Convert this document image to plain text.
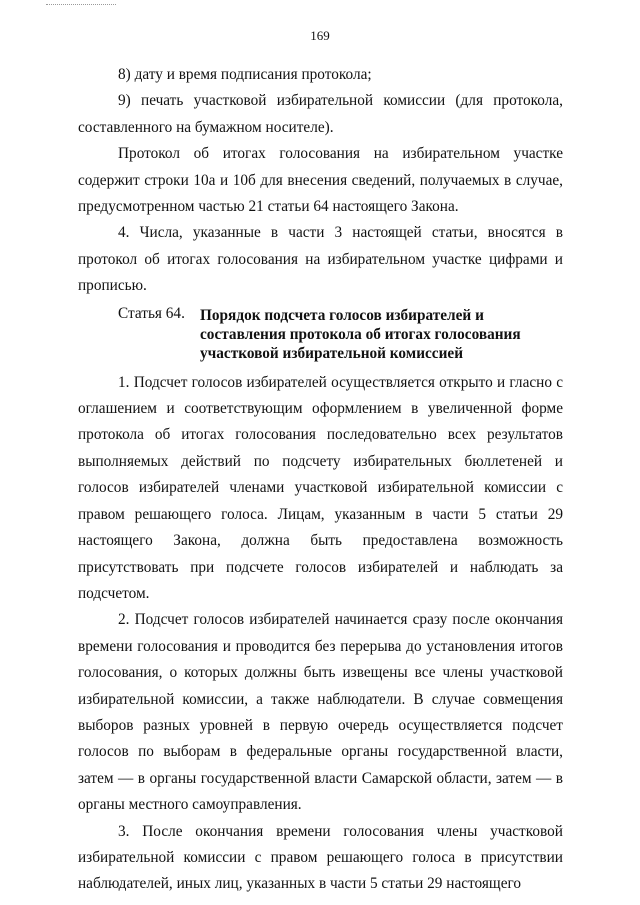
169

8) дату и время подписания протокола;

9) печать участковой избирательной комиссии (для протокола, составленного на бумажном носителе).

Протокол об итогах голосования на избирательном участке содержит строки 10а и 10б для внесения сведений, получаемых в случае, предусмотренном частью 21 статьи 64 настоящего Закона.

4. Числа, указанные в части 3 настоящей статьи, вносятся в протокол об итогах голосования на избирательном участке цифрами и прописью.

Статья 64. Порядок подсчета голосов избирателей и
составления протокола об итогах голосования
участковой избирательной комиссией

1. Подсчет голосов избирателей осуществляется открыто и гласно с оглашением и соответствующим оформлением в увеличенной форме протокола об итогах голосования последовательно всех результатов выполняемых действий по подсчету избирательных бюллетеней и голосов избирателей членами участковой избирательной комиссии с правом решающего голоса. Лицам, указанным в части 5 статьи 29 настоящего Закона, должна быть предоставлена возможность присутствовать при подсчете голосов избирателей и наблюдать за подсчетом.

2. Подсчет голосов избирателей начинается сразу после окончания времени голосования и проводится без перерыва до установления итогов голосования, о которых должны быть извещены все члены участковой избирательной комиссии, а также наблюдатели. В случае совмещения выборов разных уровней в первую очередь осуществляется подсчет голосов по выборам в федеральные органы государственной власти, затем — в органы государственной власти Самарской области, затем — в органы местного самоуправления.

3. После окончания времени голосования члены участковой избирательной комиссии с правом решающего голоса в присутствии наблюдателей, иных лиц, указанных в части 5 статьи 29 настоящего
